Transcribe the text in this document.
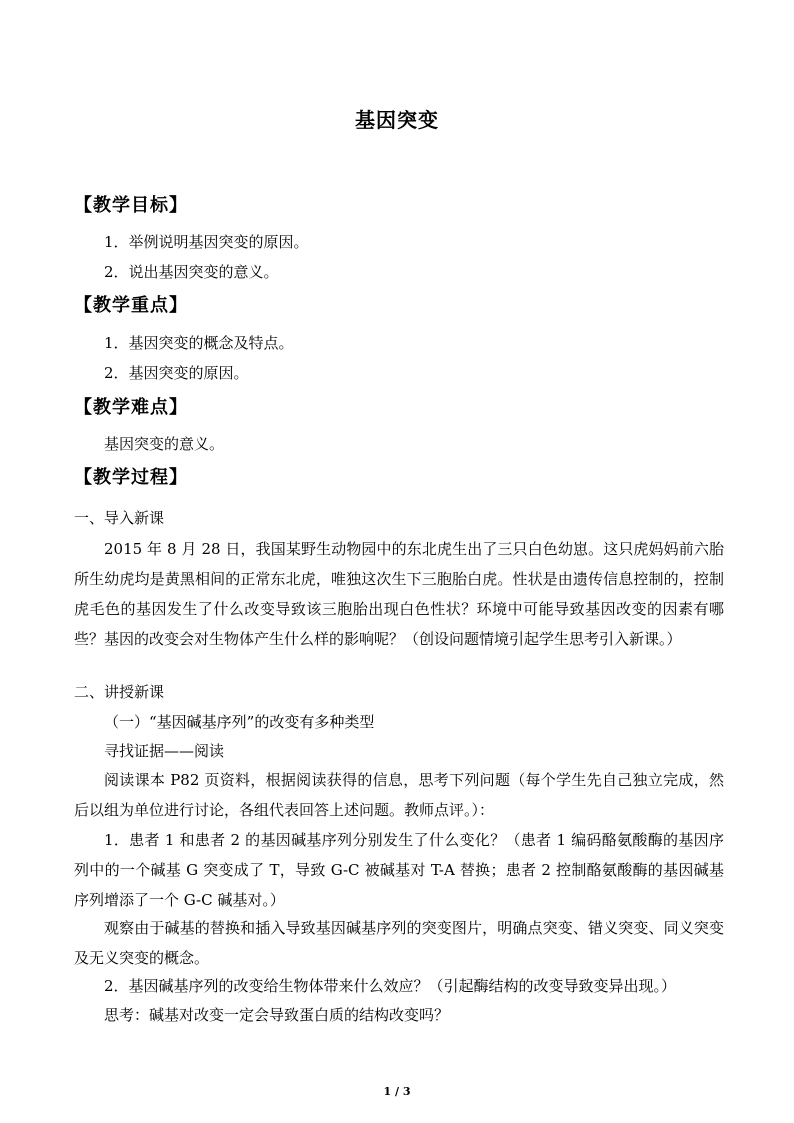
基因突变
【教学目标】
1．举例说明基因突变的原因。
2．说出基因突变的意义。
【教学重点】
1．基因突变的概念及特点。
2．基因突变的原因。
【教学难点】
基因突变的意义。
【教学过程】
一、导入新课
2015 年 8 月 28 日，我国某野生动物园中的东北虎生出了三只白色幼崽。这只虎妈妈前六胎所生幼虎均是黄黑相间的正常东北虎，唯独这次生下三胞胎白虎。性状是由遗传信息控制的，控制虎毛色的基因发生了什么改变导致该三胞胎出现白色性状？环境中可能导致基因改变的因素有哪些？基因的改变会对生物体产生什么样的影响呢？（创设问题情境引起学生思考引入新课。）
二、讲授新课
（一）“基因碱基序列”的改变有多种类型
寻找证据——阅读
阅读课本 P82 页资料，根据阅读获得的信息，思考下列问题（每个学生先自己独立完成，然后以组为单位进行讨论，各组代表回答上述问题。教师点评。）：
1．患者 1 和患者 2 的基因碱基序列分别发生了什么变化？（患者 1 编码酪氨酸酶的基因序列中的一个碱基 G 突变成了 T，导致 G-C 被碱基对 T-A 替换；患者 2 控制酪氨酸酶的基因碱基序列增添了一个 G-C 碱基对。）
观察由于碱基的替换和插入导致基因碱基序列的突变图片，明确点突变、错义突变、同义突变及无义突变的概念。
2．基因碱基序列的改变给生物体带来什么效应？（引起酶结构的改变导致变异出现。）
思考：碱基对改变一定会导致蛋白质的结构改变吗？
1 / 3
